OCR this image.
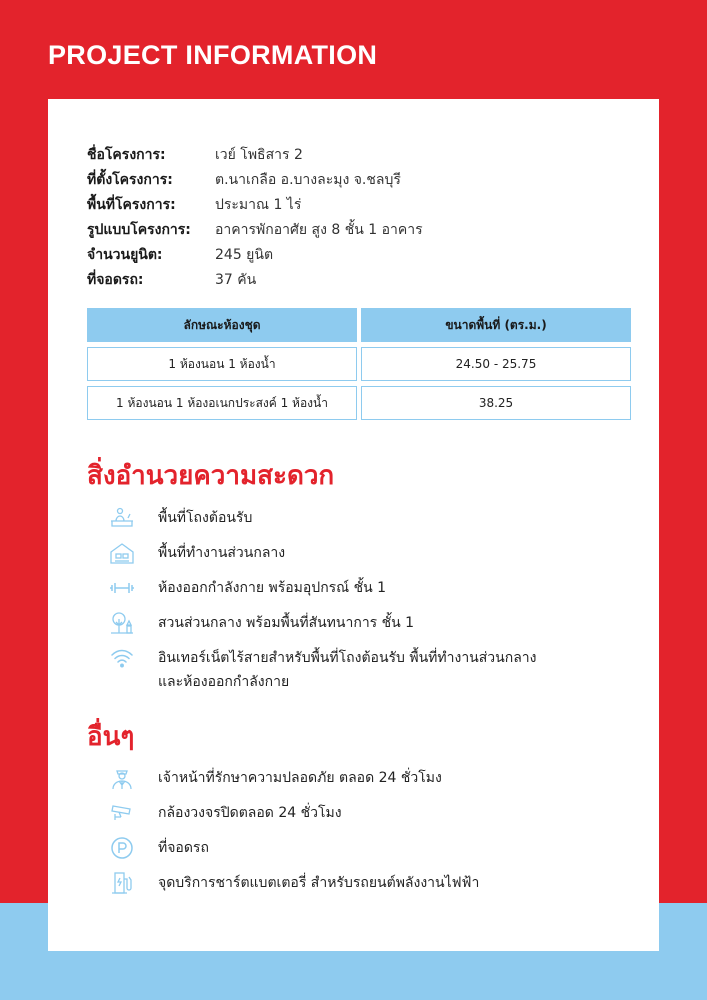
PROJECT INFORMATION
ชื่อโครงการ:	เวย์ โพธิสาร 2
ที่ตั้งโครงการ:	ต.นาเกลือ อ.บางละมุง จ.ชลบุรี
พื้นที่โครงการ:	ประมาณ 1 ไร่
รูปแบบโครงการ:	อาคารพักอาศัย สูง 8 ชั้น 1 อาคาร
จำนวนยูนิต:	245 ยูนิต
ที่จอดรถ:	37 คัน
ลักษณะห้องชุด	ขนาดพื้นที่ (ตร.ม.)
1 ห้องนอน 1 ห้องน้ำ	24.50 - 25.75
1 ห้องนอน 1 ห้องอเนกประสงค์ 1 ห้องน้ำ	38.25
สิ่งอำนวยความสะดวก
พื้นที่โถงต้อนรับ
พื้นที่ทำงานส่วนกลาง
ห้องออกกำลังกาย พร้อมอุปกรณ์ ชั้น 1
สวนส่วนกลาง พร้อมพื้นที่สันทนาการ ชั้น 1
อินเทอร์เน็ตไร้สายสำหรับพื้นที่โถงต้อนรับ พื้นที่ทำงานส่วนกลาง
และห้องออกกำลังกาย
อื่นๆ
เจ้าหน้าที่รักษาความปลอดภัย ตลอด 24 ชั่วโมง
กล้องวงจรปิดตลอด 24 ชั่วโมง
ที่จอดรถ
จุดบริการชาร์ตแบตเตอรี่ สำหรับรถยนต์พลังงานไฟฟ้า
